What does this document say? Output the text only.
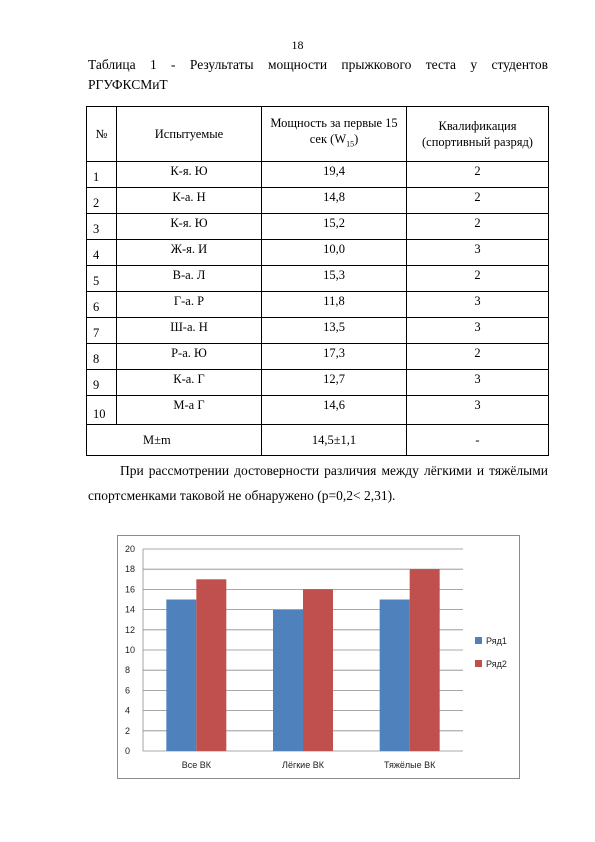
18
Таблица 1 - Результаты мощности прыжкового теста у студентов
РГУФКСМиТ
№	Испытуемые	Мощность за первые 15 сек $(W_{15})$	Квалификация (спортивный разряд)
1	К-я. Ю	19,4	2
2	К-а. Н	14,8	2
3	К-я. Ю	15,2	2
4	Ж-я. И	10,0	3
5	В-а. Л	15,3	2
6	Г-а. Р	11,8	3
7	Ш-а. Н	13,5	3
8	Р-а. Ю	17,3	2
9	К-а. Г	12,7	3
10	М-а Г	14,6	3
M±m		14,5±1,1	-
При рассмотрении достоверности различия между лёгкими и тяжёлыми
спортсменками таковой не обнаружено (p=0,2< 2,31).
0
2
4
6
8
10
12
14
16
18
20
Все ВК	Лёгкие ВК	Тяжёлые ВК
Ряд1
Ряд2
